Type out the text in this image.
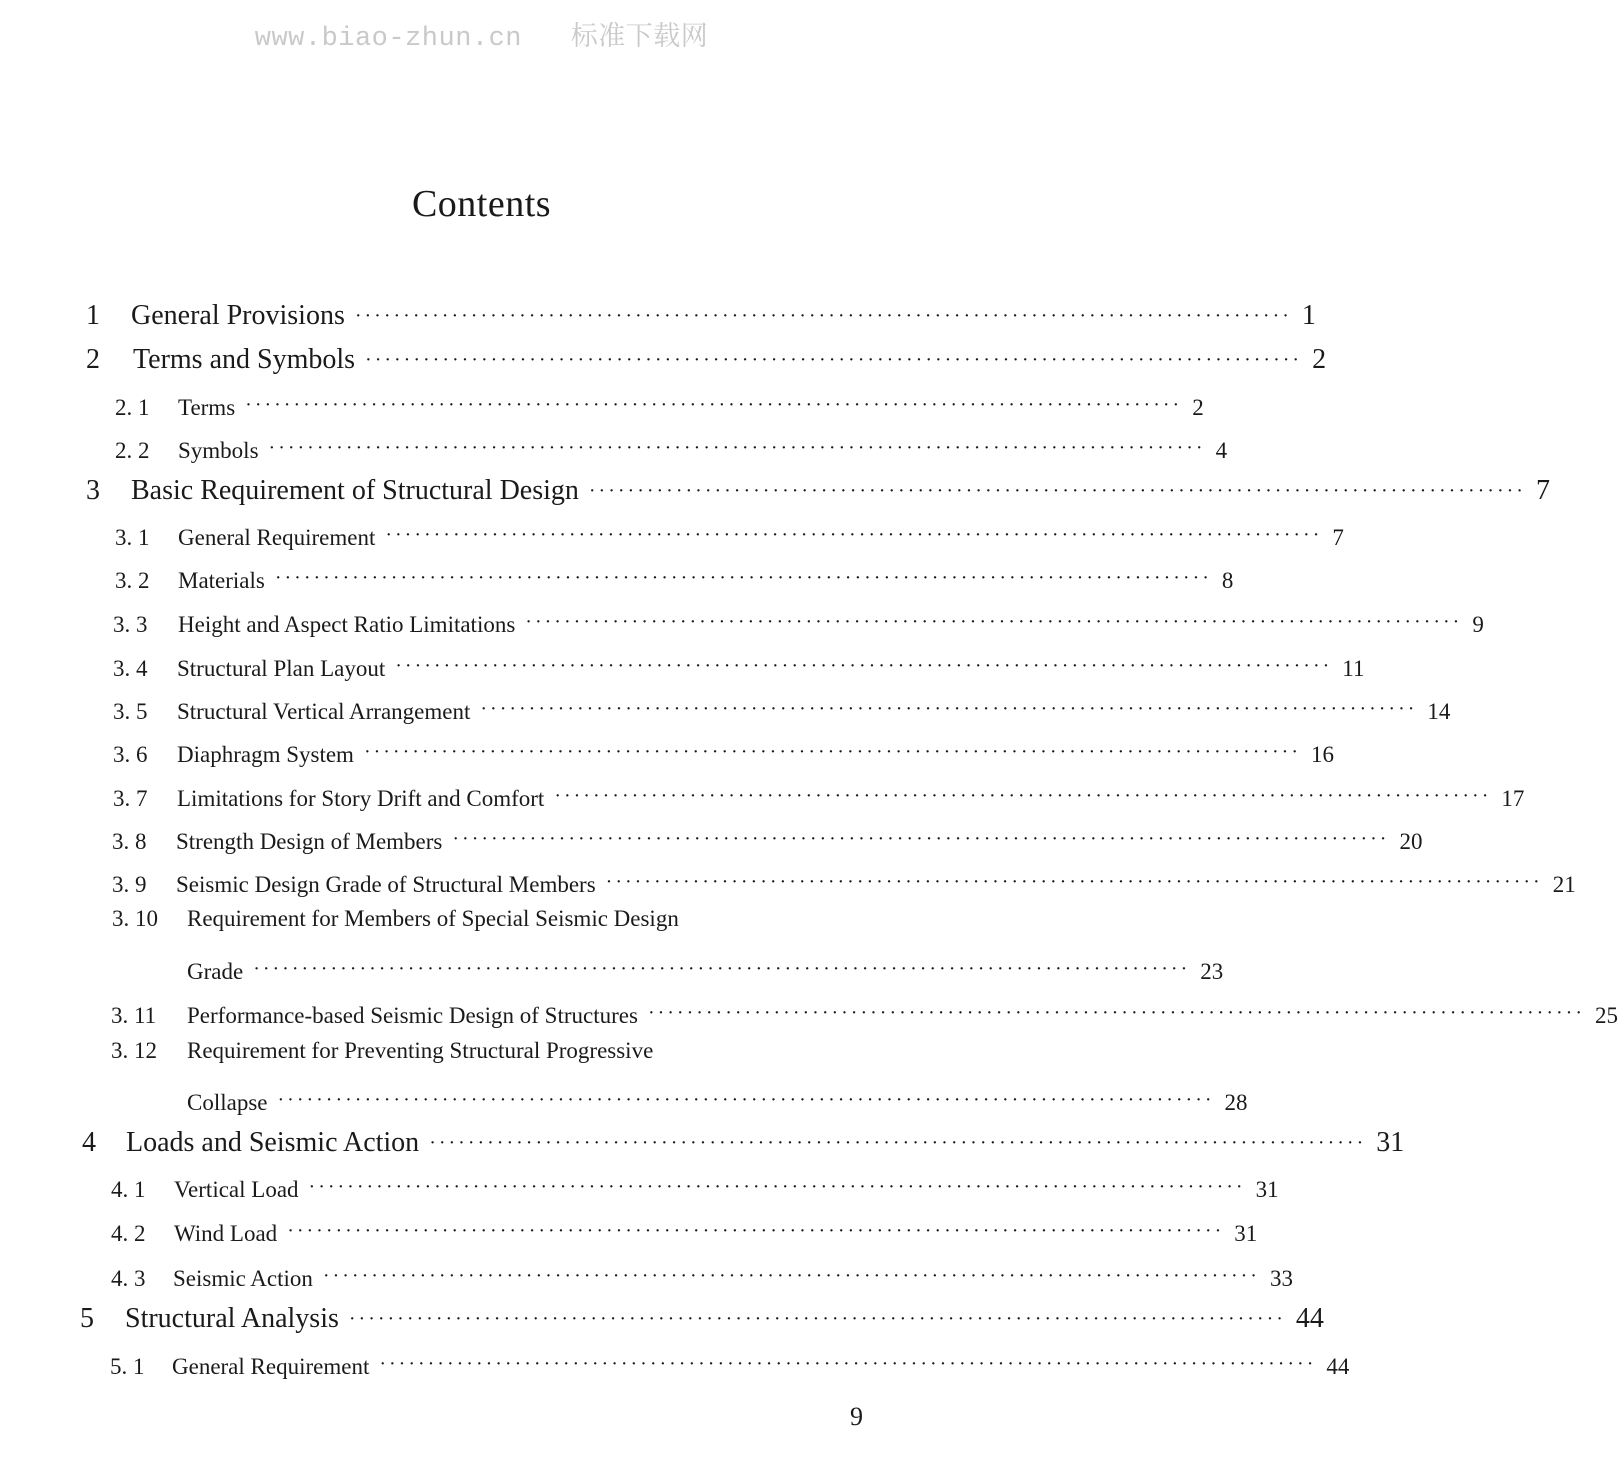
www.biao-zhun.cn 标准下载网
Contents
1	General Provisions ································································································· 1
2	Terms and Symbols ································································································· 2
2. 1	Terms ································································································· 2
2. 2	Symbols ································································································· 4
3	Basic Requirement of Structural Design ································································································· 7
3. 1	General Requirement ································································································· 7
3. 2	Materials ································································································· 8
3. 3	Height and Aspect Ratio Limitations ································································································· 9
3. 4	Structural Plan Layout ································································································· 11
3. 5	Structural Vertical Arrangement ································································································· 14
3. 6	Diaphragm System ································································································· 16
3. 7	Limitations for Story Drift and Comfort ································································································· 17
3. 8	Strength Design of Members ································································································· 20
3. 9	Seismic Design Grade of Structural Members ································································································· 21
3. 10 Requirement for Members of Special Seismic Design
Grade ································································································· 23
3. 11	Performance-based Seismic Design of Structures ································································································· 25
3. 12 Requirement for Preventing Structural Progressive
Collapse ································································································· 28
4	Loads and Seismic Action ································································································· 31
4. 1	Vertical Load ································································································· 31
4. 2	Wind Load ································································································· 31
4. 3	Seismic Action ································································································· 33
5	Structural Analysis ································································································· 44
5. 1	General Requirement ································································································· 44
9
